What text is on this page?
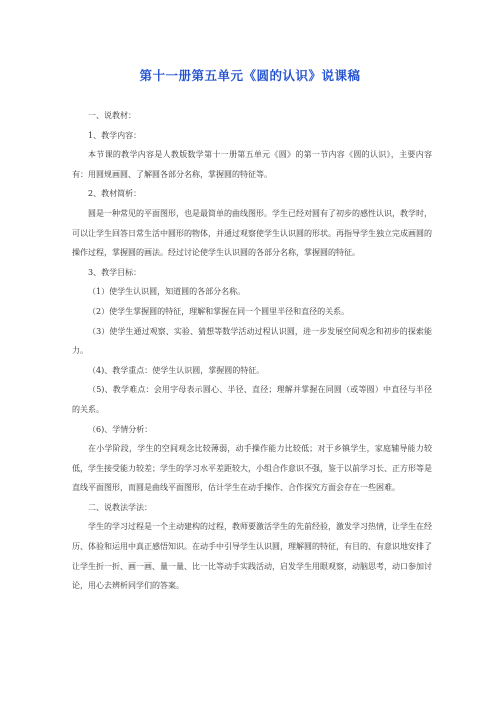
第十一册第五单元《圆的认识》说课稿

一、说教材：

1、教学内容：

本节课的教学内容是人教版数学第十一册第五单元《圆》的第一节内容《圆的认识》，主要内容有：用圆规画圆、了解圆各部分名称，掌握圆的特征等。

2、教材简析：

圆是一种常见的平面图形，也是最简单的曲线图形。学生已经对圆有了初步的感性认识，教学时，可以让学生回答日常生活中圆形的物体，并通过观察使学生认识圆的形状。再指导学生独立完成画圆的操作过程，掌握圆的画法。经过讨论使学生认识圆的各部分名称，掌握圆的特征。

3、教学目标：

（1）使学生认识圆，知道圆的各部分名称。

（2）使学生掌握圆的特征，理解和掌握在同一个圆里半径和直径的关系。

（3）使学生通过观察、实验、猜想等数学活动过程认识圆，进一步发展空间观念和初步的探索能力。

（4)、教学重点：使学生认识圆，掌握圆的特征。

（5)、教学难点：会用字母表示圆心、半径、直径；理解并掌握在同圆（或等圆）中直径与半径的关系。

（6)、学情分析：

在小学阶段，学生的空间观念比较薄弱，动手操作能力比较低；对于乡镇学生，家庭辅导能力较低，学生接受能力较差；学生的学习水平差距较大，小组合作意识不强，鉴于以前学习长、正方形等是直线平面图形，而圆是曲线平面图形，估计学生在动手操作、合作探究方面会存在一些困难。

二、说教法学法：

学生的学习过程是一个主动建构的过程，教师要激活学生的先前经验，激发学习热情，让学生在经历、体验和运用中真正感悟知识。在动手中引导学生认识圆，理解圆的特征，有目的、有意识地安排了让学生折一折、画一画、量一量、比一比等动手实践活动，启发学生用眼观察，动脑思考，动口参加讨论，用心去辨析同学们的答案。
